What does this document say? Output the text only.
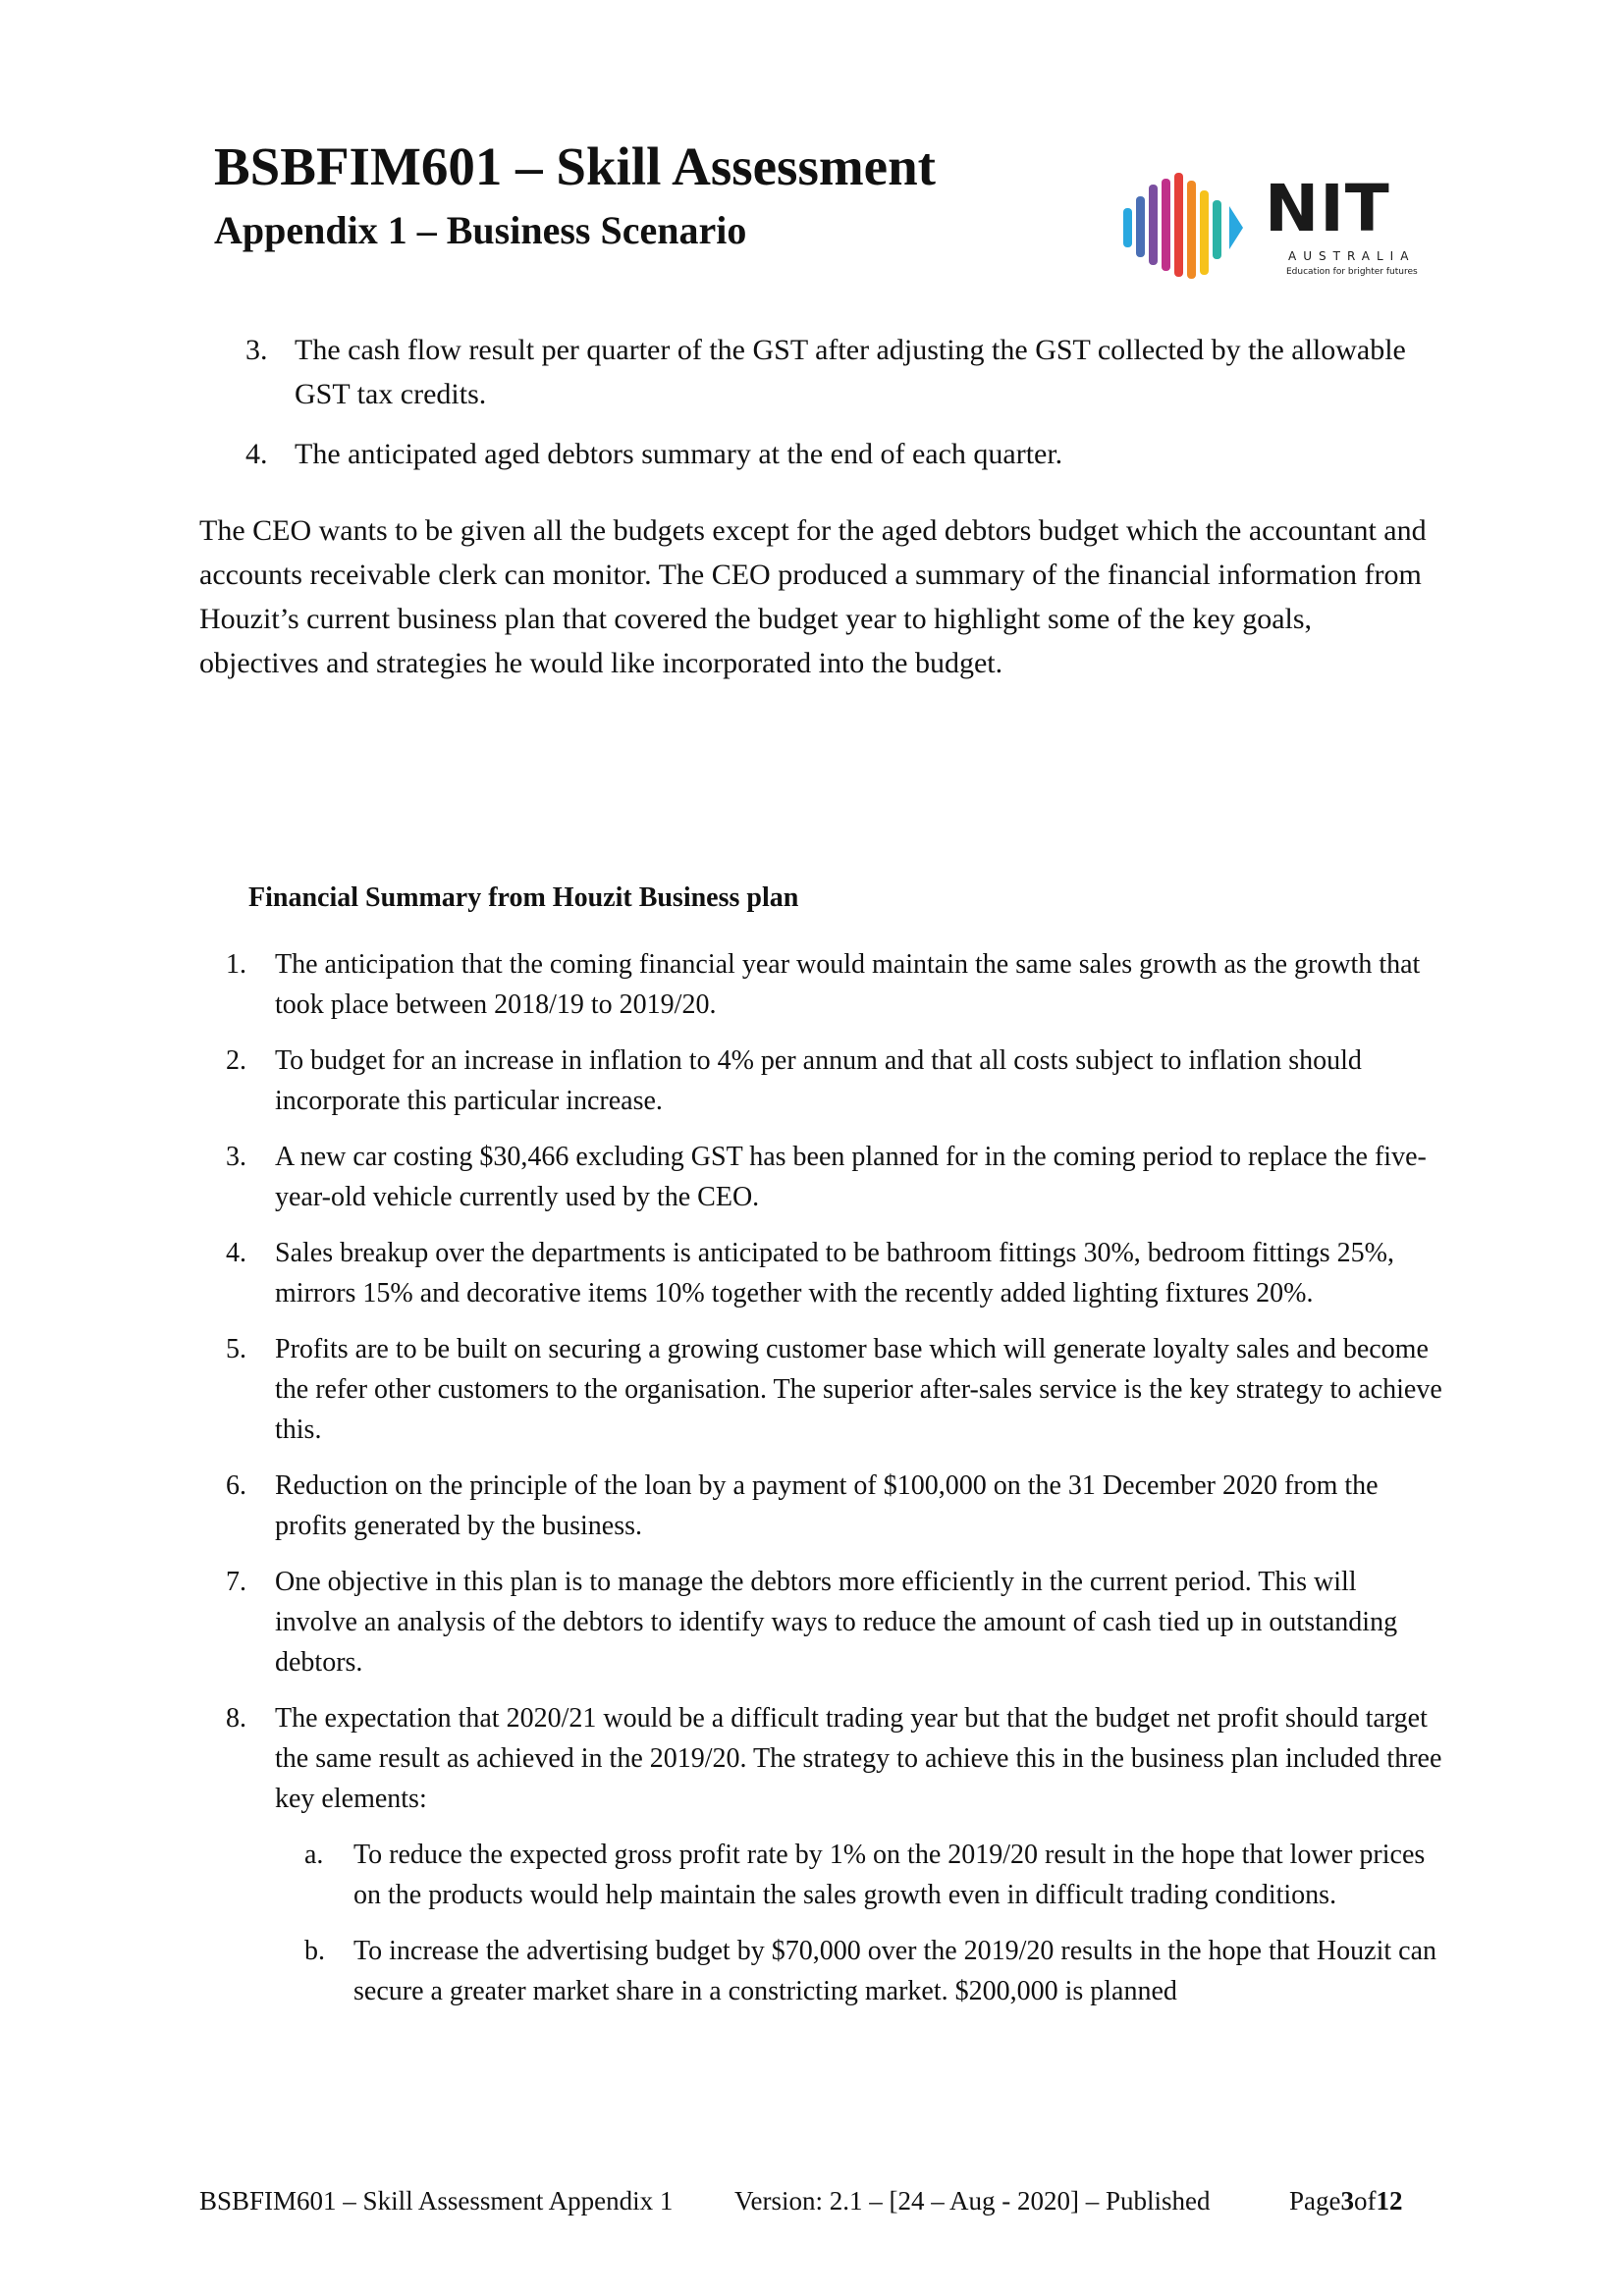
BSBFIM601 – Skill Assessment
Appendix 1 – Business Scenario	NIT
AUSTRALIA
Education for brighter futures
3. The cash flow result per quarter of the GST after adjusting the GST collected by the allowable GST tax credits.
4. The anticipated aged debtors summary at the end of each quarter.

The CEO wants to be given all the budgets except for the aged debtors budget which the accountant and accounts receivable clerk can monitor. The CEO produced a summary of the financial information from Houzit’s current business plan that covered the budget year to highlight some of the key goals, objectives and strategies he would like incorporated into the budget.

Financial Summary from Houzit Business plan
1. The anticipation that the coming financial year would maintain the same sales growth as the growth that took place between 2018/19 to 2019/20.
2. To budget for an increase in inflation to 4% per annum and that all costs subject to inflation should incorporate this particular increase.
3. A new car costing $30,466 excluding GST has been planned for in the coming period to replace the five-year-old vehicle currently used by the CEO.
4. Sales breakup over the departments is anticipated to be bathroom fittings 30%, bedroom fittings 25%, mirrors 15% and decorative items 10% together with the recently added lighting fixtures 20%.
5. Profits are to be built on securing a growing customer base which will generate loyalty sales and become the refer other customers to the organisation. The superior after-sales service is the key strategy to achieve this.
6. Reduction on the principle of the loan by a payment of $100,000 on the 31 December 2020 from the profits generated by the business.
7. One objective in this plan is to manage the debtors more efficiently in the current period. This will involve an analysis of the debtors to identify ways to reduce the amount of cash tied up in outstanding debtors.
8. The expectation that 2020/21 would be a difficult trading year but that the budget net profit should target the same result as achieved in the 2019/20. The strategy to achieve this in the business plan included three key elements:
a. To reduce the expected gross profit rate by 1% on the 2019/20 result in the hope that lower prices on the products would help maintain the sales growth even in difficult trading conditions.
b. To increase the advertising budget by $70,000 over the 2019/20 results in the hope that Houzit can secure a greater market share in a constricting market. $200,000 is planned
BSBFIM601 – Skill Assessment Appendix 1 Version: 2.1 – [24 – Aug - 2020] – Published	Page3of12
